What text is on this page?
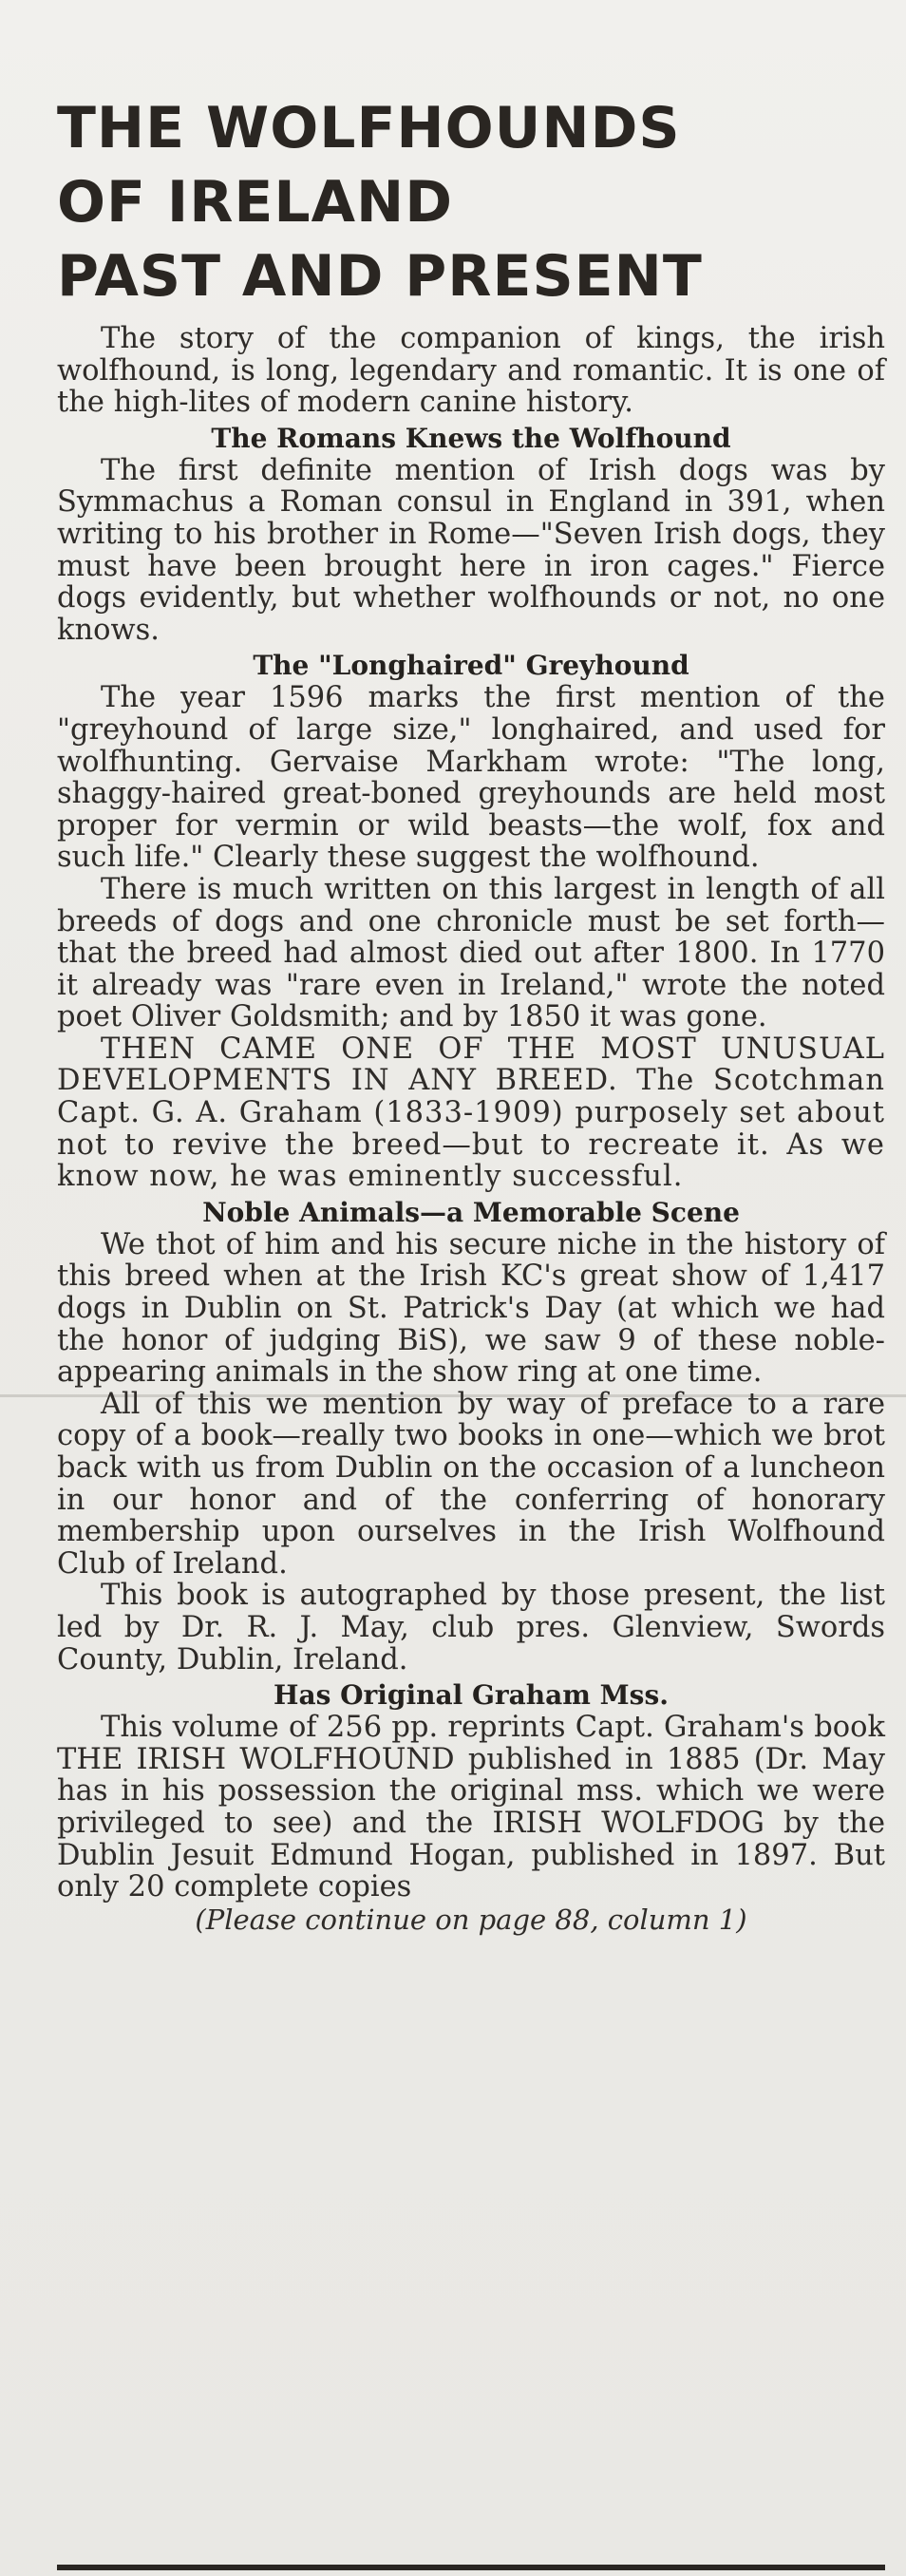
THE WOLFHOUNDS
OF IRELAND
PAST AND PRESENT

The story of the companion of kings, the irish wolfhound, is long, legendary and romantic. It is one of the high-lites of modern canine history.

The Romans Knews the Wolfhound

The first definite mention of Irish dogs was by Symmachus a Roman consul in England in 391, when writing to his brother in Rome—"Seven Irish dogs, they must have been brought here in iron cages." Fierce dogs evidently, but whether wolfhounds or not, no one knows.

The "Longhaired" Greyhound

The year 1596 marks the first mention of the "greyhound of large size," longhaired, and used for wolfhunting. Gervaise Markham wrote: "The long, shaggy-haired great-boned greyhounds are held most proper for vermin or wild beasts—the wolf, fox and such life." Clearly these suggest the wolfhound.

There is much written on this largest in length of all breeds of dogs and one chronicle must be set forth—that the breed had almost died out after 1800. In 1770 it already was "rare even in Ireland," wrote the noted poet Oliver Goldsmith; and by 1850 it was gone.

THEN CAME ONE OF THE MOST UNUSUAL DEVELOPMENTS IN ANY BREED. The Scotchman Capt. G. A. Graham (1833-1909) purposely set about not to revive the breed—but to recreate it. As we know now, he was eminently successful.

Noble Animals—a Memorable Scene

We thot of him and his secure niche in the history of this breed when at the Irish KC's great show of 1,417 dogs in Dublin on St. Patrick's Day (at which we had the honor of judging BiS), we saw 9 of these noble-appearing animals in the show ring at one time.

All of this we mention by way of preface to a rare copy of a book—really two books in one—which we brot back with us from Dublin on the occasion of a luncheon in our honor and of the conferring of honorary membership upon ourselves in the Irish Wolfhound Club of Ireland.

This book is autographed by those present, the list led by Dr. R. J. May, club pres. Glenview, Swords County, Dublin, Ireland.

Has Original Graham Mss.

This volume of 256 pp. reprints Capt. Graham's book THE IRISH WOLFHOUND published in 1885 (Dr. May has in his possession the original mss. which we were privileged to see) and the IRISH WOLFDOG by the Dublin Jesuit Edmund Hogan, published in 1897. But only 20 complete copies

(Please continue on page 88, column 1)
